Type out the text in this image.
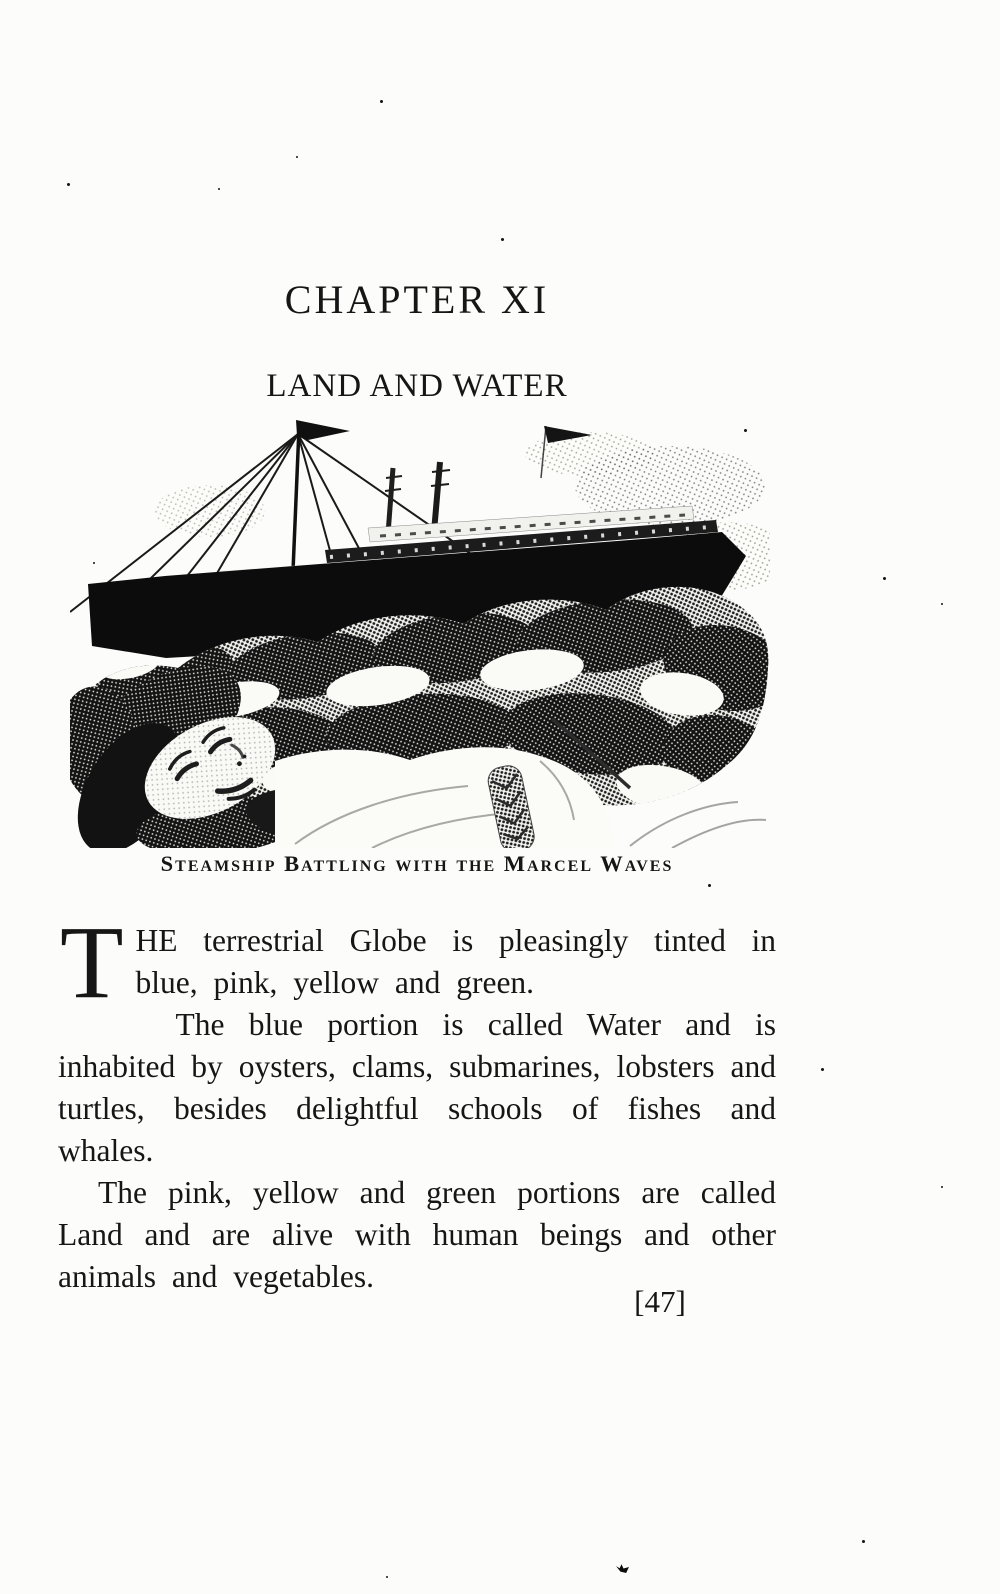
CHAPTER XI
LAND AND WATER
Steamship Battling with the Marcel Waves

THE terrestrial Globe is pleasingly tinted in blue, pink, yellow and green.

The blue portion is called Water and is inhabited by oysters, clams, submarines, lobsters and turtles, besides delightful schools of fishes and whales.

The pink, yellow and green portions are called Land and are alive with human beings and other animals and vegetables.

[47]
